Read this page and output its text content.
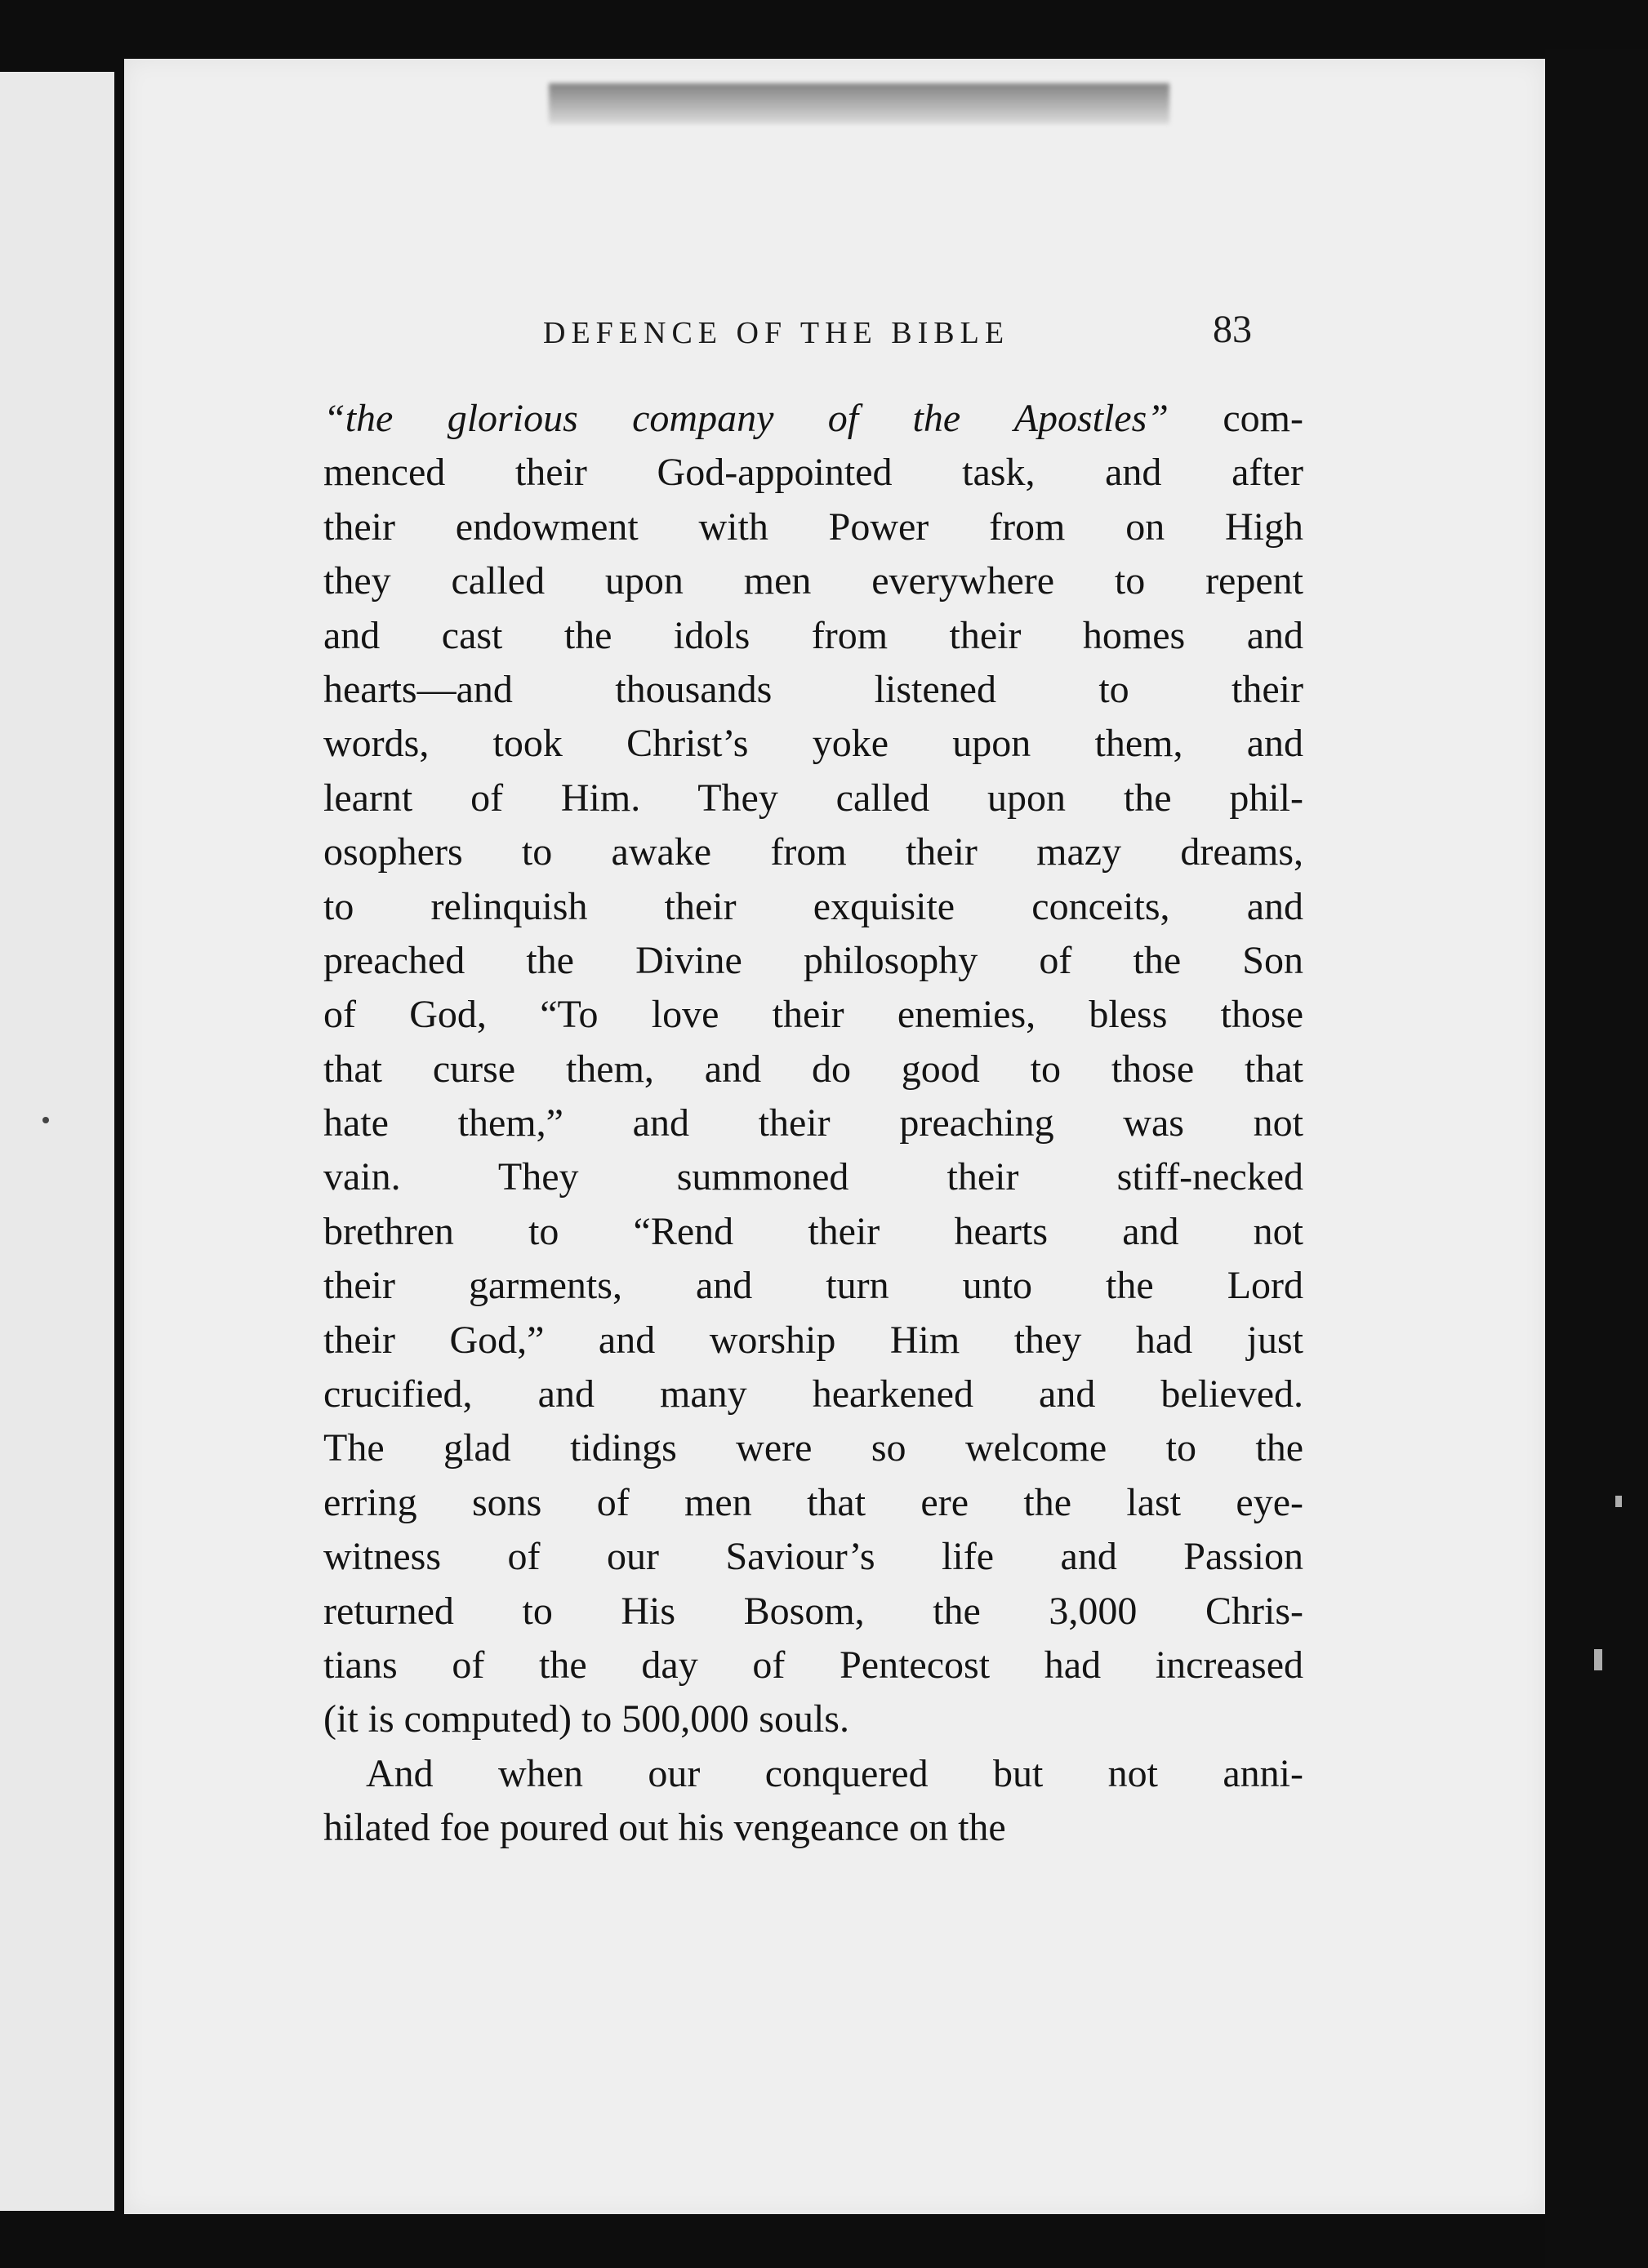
DEFENCE OF THE BIBLE	83
“the glorious company of the Apostles” com-
menced their God-appointed task, and after
their endowment with Power from on High
they called upon men everywhere to repent
and cast the idols from their homes and
hearts—and thousands listened to their
words, took Christ’s yoke upon them, and
learnt of Him. They called upon the phil-
osophers to awake from their mazy dreams,
to relinquish their exquisite conceits, and
preached the Divine philosophy of the Son
of God, “To love their enemies, bless those
that curse them, and do good to those that
hate them,” and their preaching was not
vain. They summoned their stiff-necked
brethren to “Rend their hearts and not
their garments, and turn unto the Lord
their God,” and worship Him they had just
crucified, and many hearkened and believed.
The glad tidings were so welcome to the
erring sons of men that ere the last eye-
witness of our Saviour’s life and Passion
returned to His Bosom, the 3,000 Chris-
tians of the day of Pentecost had increased
(it is computed) to 500,000 souls.
And when our conquered but not anni-
hilated foe poured out his vengeance on the
